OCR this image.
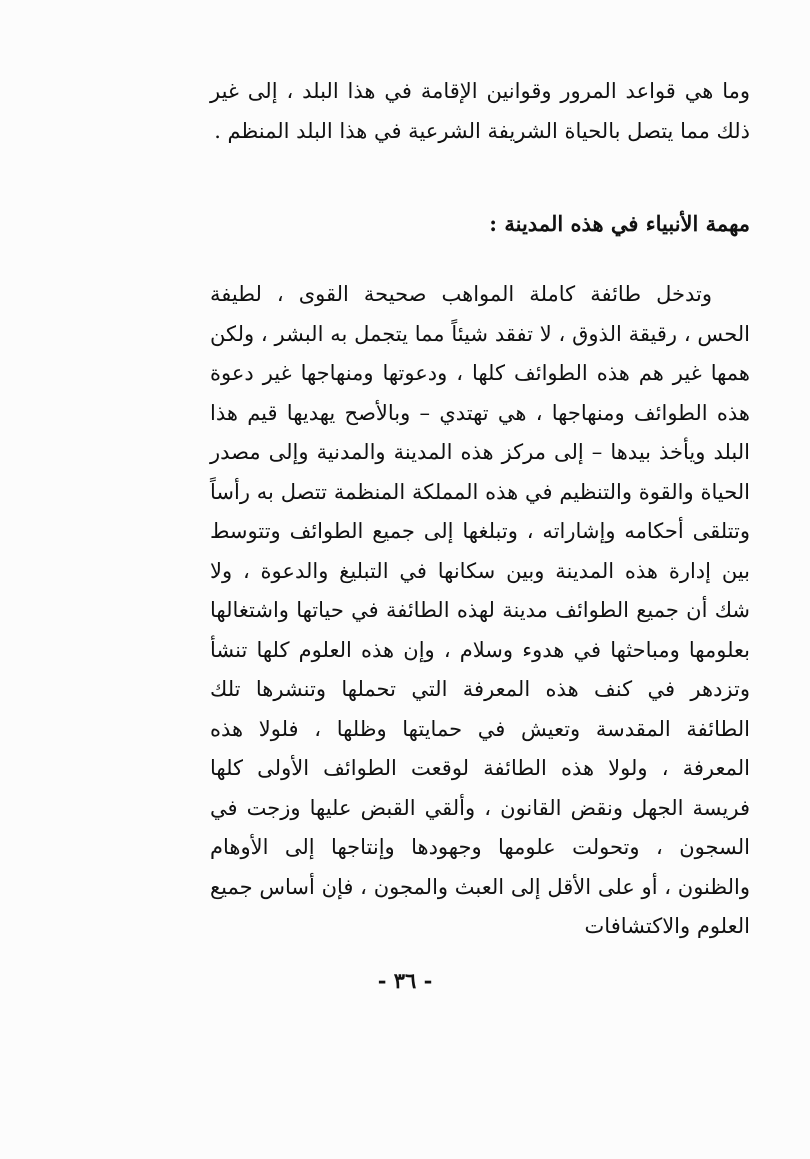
وما هي قواعد المرور وقوانين الإقامة في هذا البلد ، إلى غير ذلك مما يتصل بالحياة الشريفة الشرعية في هذا البلد المنظم .

مهمة الأنبياء في هذه المدينة :

وتدخل طائفة كاملة المواهب صحيحة القوى ، لطيفة الحس ، رقيقة الذوق ، لا تفقد شيئاً مما يتجمل به البشر ، ولكن همها غير هم هذه الطوائف كلها ، ودعوتها ومنهاجها غير دعوة هذه الطوائف ومنهاجها ، هي تهتدي – وبالأصح يهديها قيم هذا البلد ويأخذ بيدها – إلى مركز هذه المدينة والمدنية وإلى مصدر الحياة والقوة والتنظيم في هذه المملكة المنظمة تتصل به رأساً وتتلقى أحكامه وإشاراته ، وتبلغها إلى جميع الطوائف وتتوسط بين إدارة هذه المدينة وبين سكانها في التبليغ والدعوة ، ولا شك أن جميع الطوائف مدينة لهذه الطائفة في حياتها واشتغالها بعلومها ومباحثها في هدوء وسلام ، وإن هذه العلوم كلها تنشأ وتزدهر في كنف هذه المعرفة التي تحملها وتنشرها تلك الطائفة المقدسة وتعيش في حمايتها وظلها ، فلولا هذه المعرفة ، ولولا هذه الطائفة لوقعت الطوائف الأولى كلها فريسة الجهل ونقض القانون ، وألقي القبض عليها وزجت في السجون ، وتحولت علومها وجهودها وإنتاجها إلى الأوهام والظنون ، أو على الأقل إلى العبث والمجون ، فإن أساس جميع العلوم والاكتشافات

- ٣٦ -
